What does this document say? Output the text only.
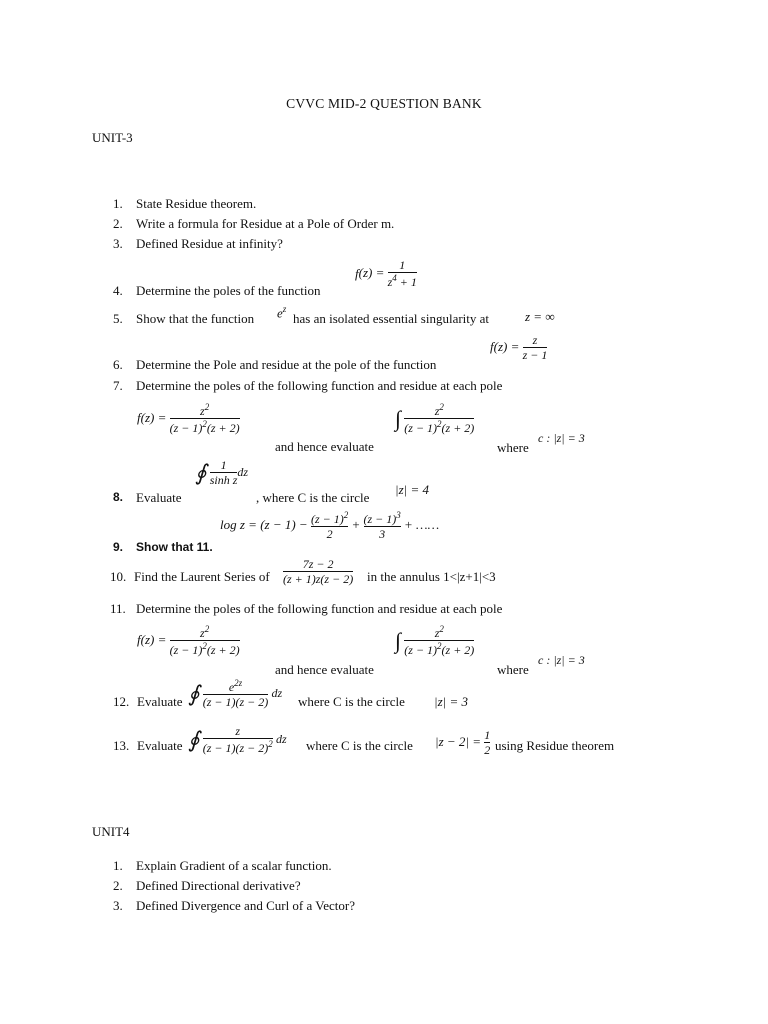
CVVC MID-2 QUESTION BANK
UNIT-3
1.	State Residue theorem.
2.	Write a formula for Residue at a Pole of Order m.
3.	Defined Residue at infinity?
$f(z) = \frac{1}{z^4 + 1}$
4.	Determine the poles of the function
5.	Show that the function $e^z$
has an isolated essential singularity at	z = ∞
$f(z) = \frac{z}{z - 1}$
6.	Determine the Pole and residue at the pole of the function
7.	Determine the poles of the following function and residue at each pole
$f(z) = \frac{z^2}{(z - 1)^2(z + 2)}$
and hence evaluate
∫ $\frac{z^2}{(z - 1)^2(z + 2)}$
where
c : |z| = 3
∮ $\frac{1}{\text{sinh z}}$ dz
8. Evaluate	, where C is the circle
|z| = 4
$\log z = (z - 1) - \frac{(z - 1)^2}{2} + \frac{(z - 1)^3}{3}$ + ……
9.	Show that 11.
10. Find the Laurent Series of $\frac{7z - 2}{(z + 1)z(z - 2)}$ in the annulus 1<|z+1|<3
11. Determine the poles of the following function and residue at each pole
$f(z) = \frac{z^2}{(z - 1)^2(z + 2)}$
and hence evaluate
∫ $\frac{z^2}{(z - 1)^2(z + 2)}$
where
c : |z| = 3
12. Evaluate ∮ $\frac{e^{2z}}{(z - 1)(z - 2)}$ dz
where C is the circle |z| = 3
13. Evaluate ∮ $\frac{z}{(z - 1)(z - 2)^2}$ dz where C is the circle $|z - 2| = \frac{1}{2}$ using Residue theorem
UNIT4
1.	Explain Gradient of a scalar function.
2.	Defined Directional derivative?
3.	Defined Divergence and Curl of a Vector?
